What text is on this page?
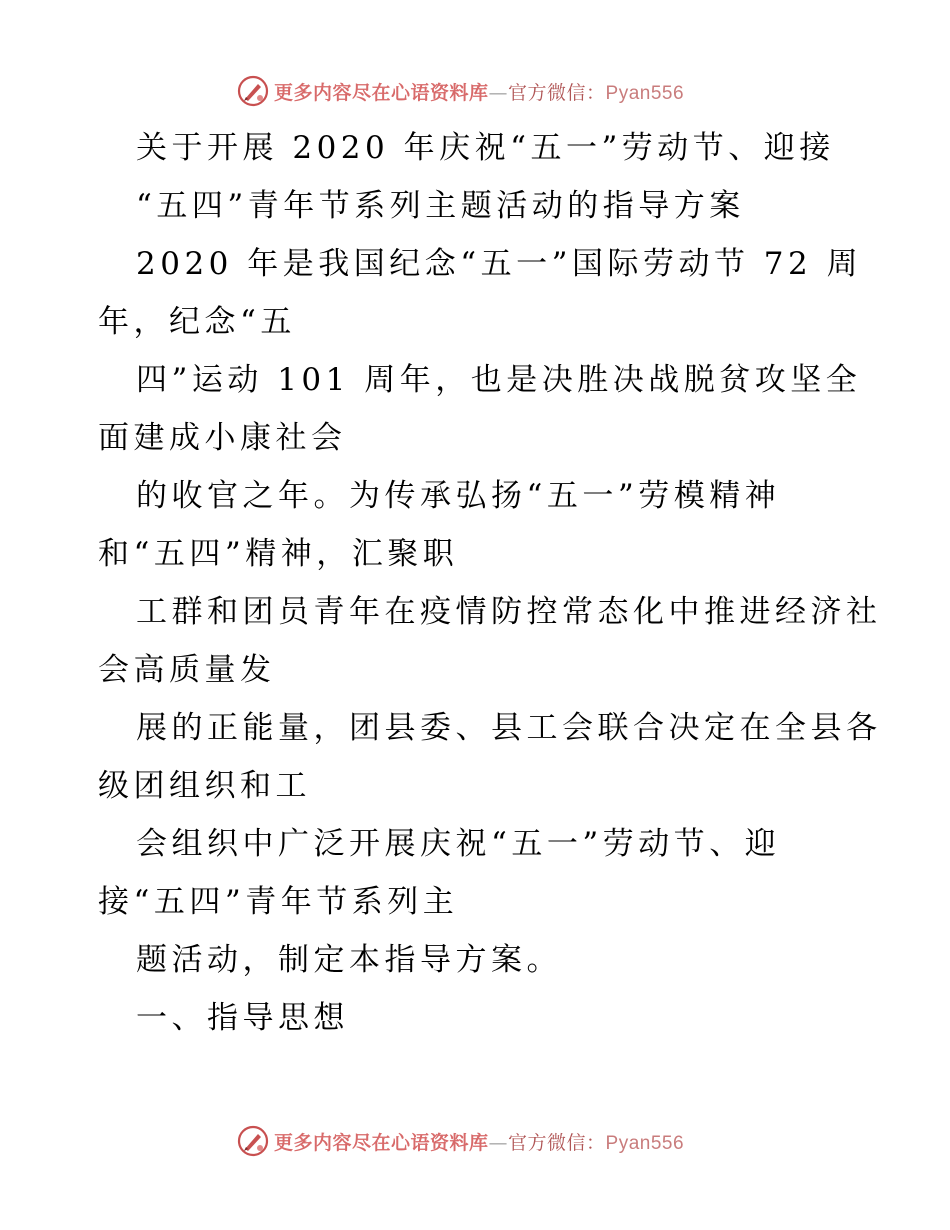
更多内容尽在心语资料库—官方微信：Pyan556
关于开展 2020 年庆祝“五一”劳动节、迎接
“五四”青年节系列主题活动的指导方案
2020 年是我国纪念“五一”国际劳动节 72 周
年，纪念“五
四”运动 101 周年，也是决胜决战脱贫攻坚全
面建成小康社会
的收官之年。为传承弘扬“五一”劳模精神
和“五四”精神，汇聚职
工群和团员青年在疫情防控常态化中推进经济社
会高质量发
展的正能量，团县委、县工会联合决定在全县各
级团组织和工
会组织中广泛开展庆祝“五一”劳动节、迎
接“五四”青年节系列主
题活动，制定本指导方案。
一、指导思想
更多内容尽在心语资料库—官方微信：Pyan556
